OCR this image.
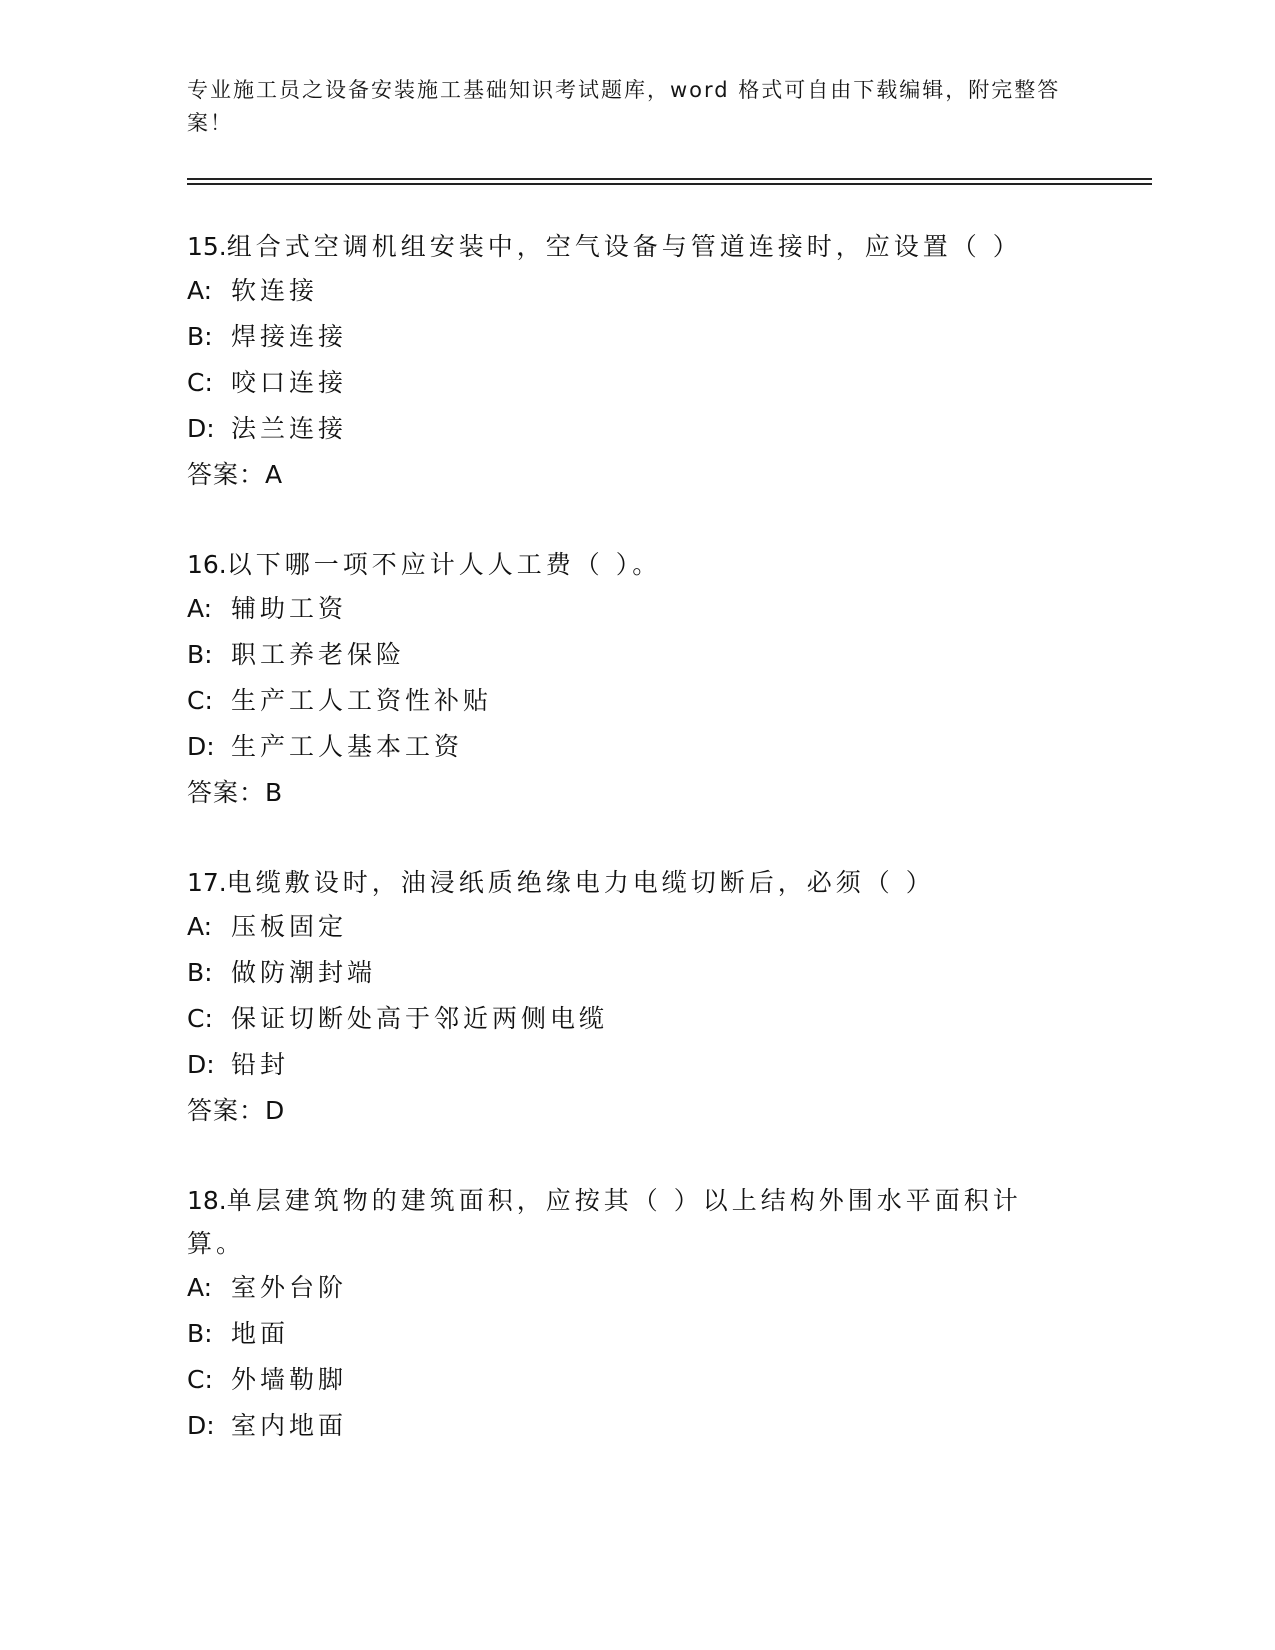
专业施工员之设备安装施工基础知识考试题库，word 格式可自由下载编辑，附完整答案！

15.组合式空调机组安装中，空气设备与管道连接时，应设置（ ）

A: 软连接

B: 焊接连接

C: 咬口连接

D: 法兰连接

答案：A

16.以下哪一项不应计人人工费（ ）。

A: 辅助工资

B: 职工养老保险

C: 生产工人工资性补贴

D: 生产工人基本工资

答案：B

17.电缆敷设时，油浸纸质绝缘电力电缆切断后，必须（ ）

A: 压板固定

B: 做防潮封端

C: 保证切断处高于邻近两侧电缆

D: 铅封

答案：D

18.单层建筑物的建筑面积，应按其（ ）以上结构外围水平面积计算。

A: 室外台阶

B: 地面

C: 外墙勒脚

D: 室内地面
